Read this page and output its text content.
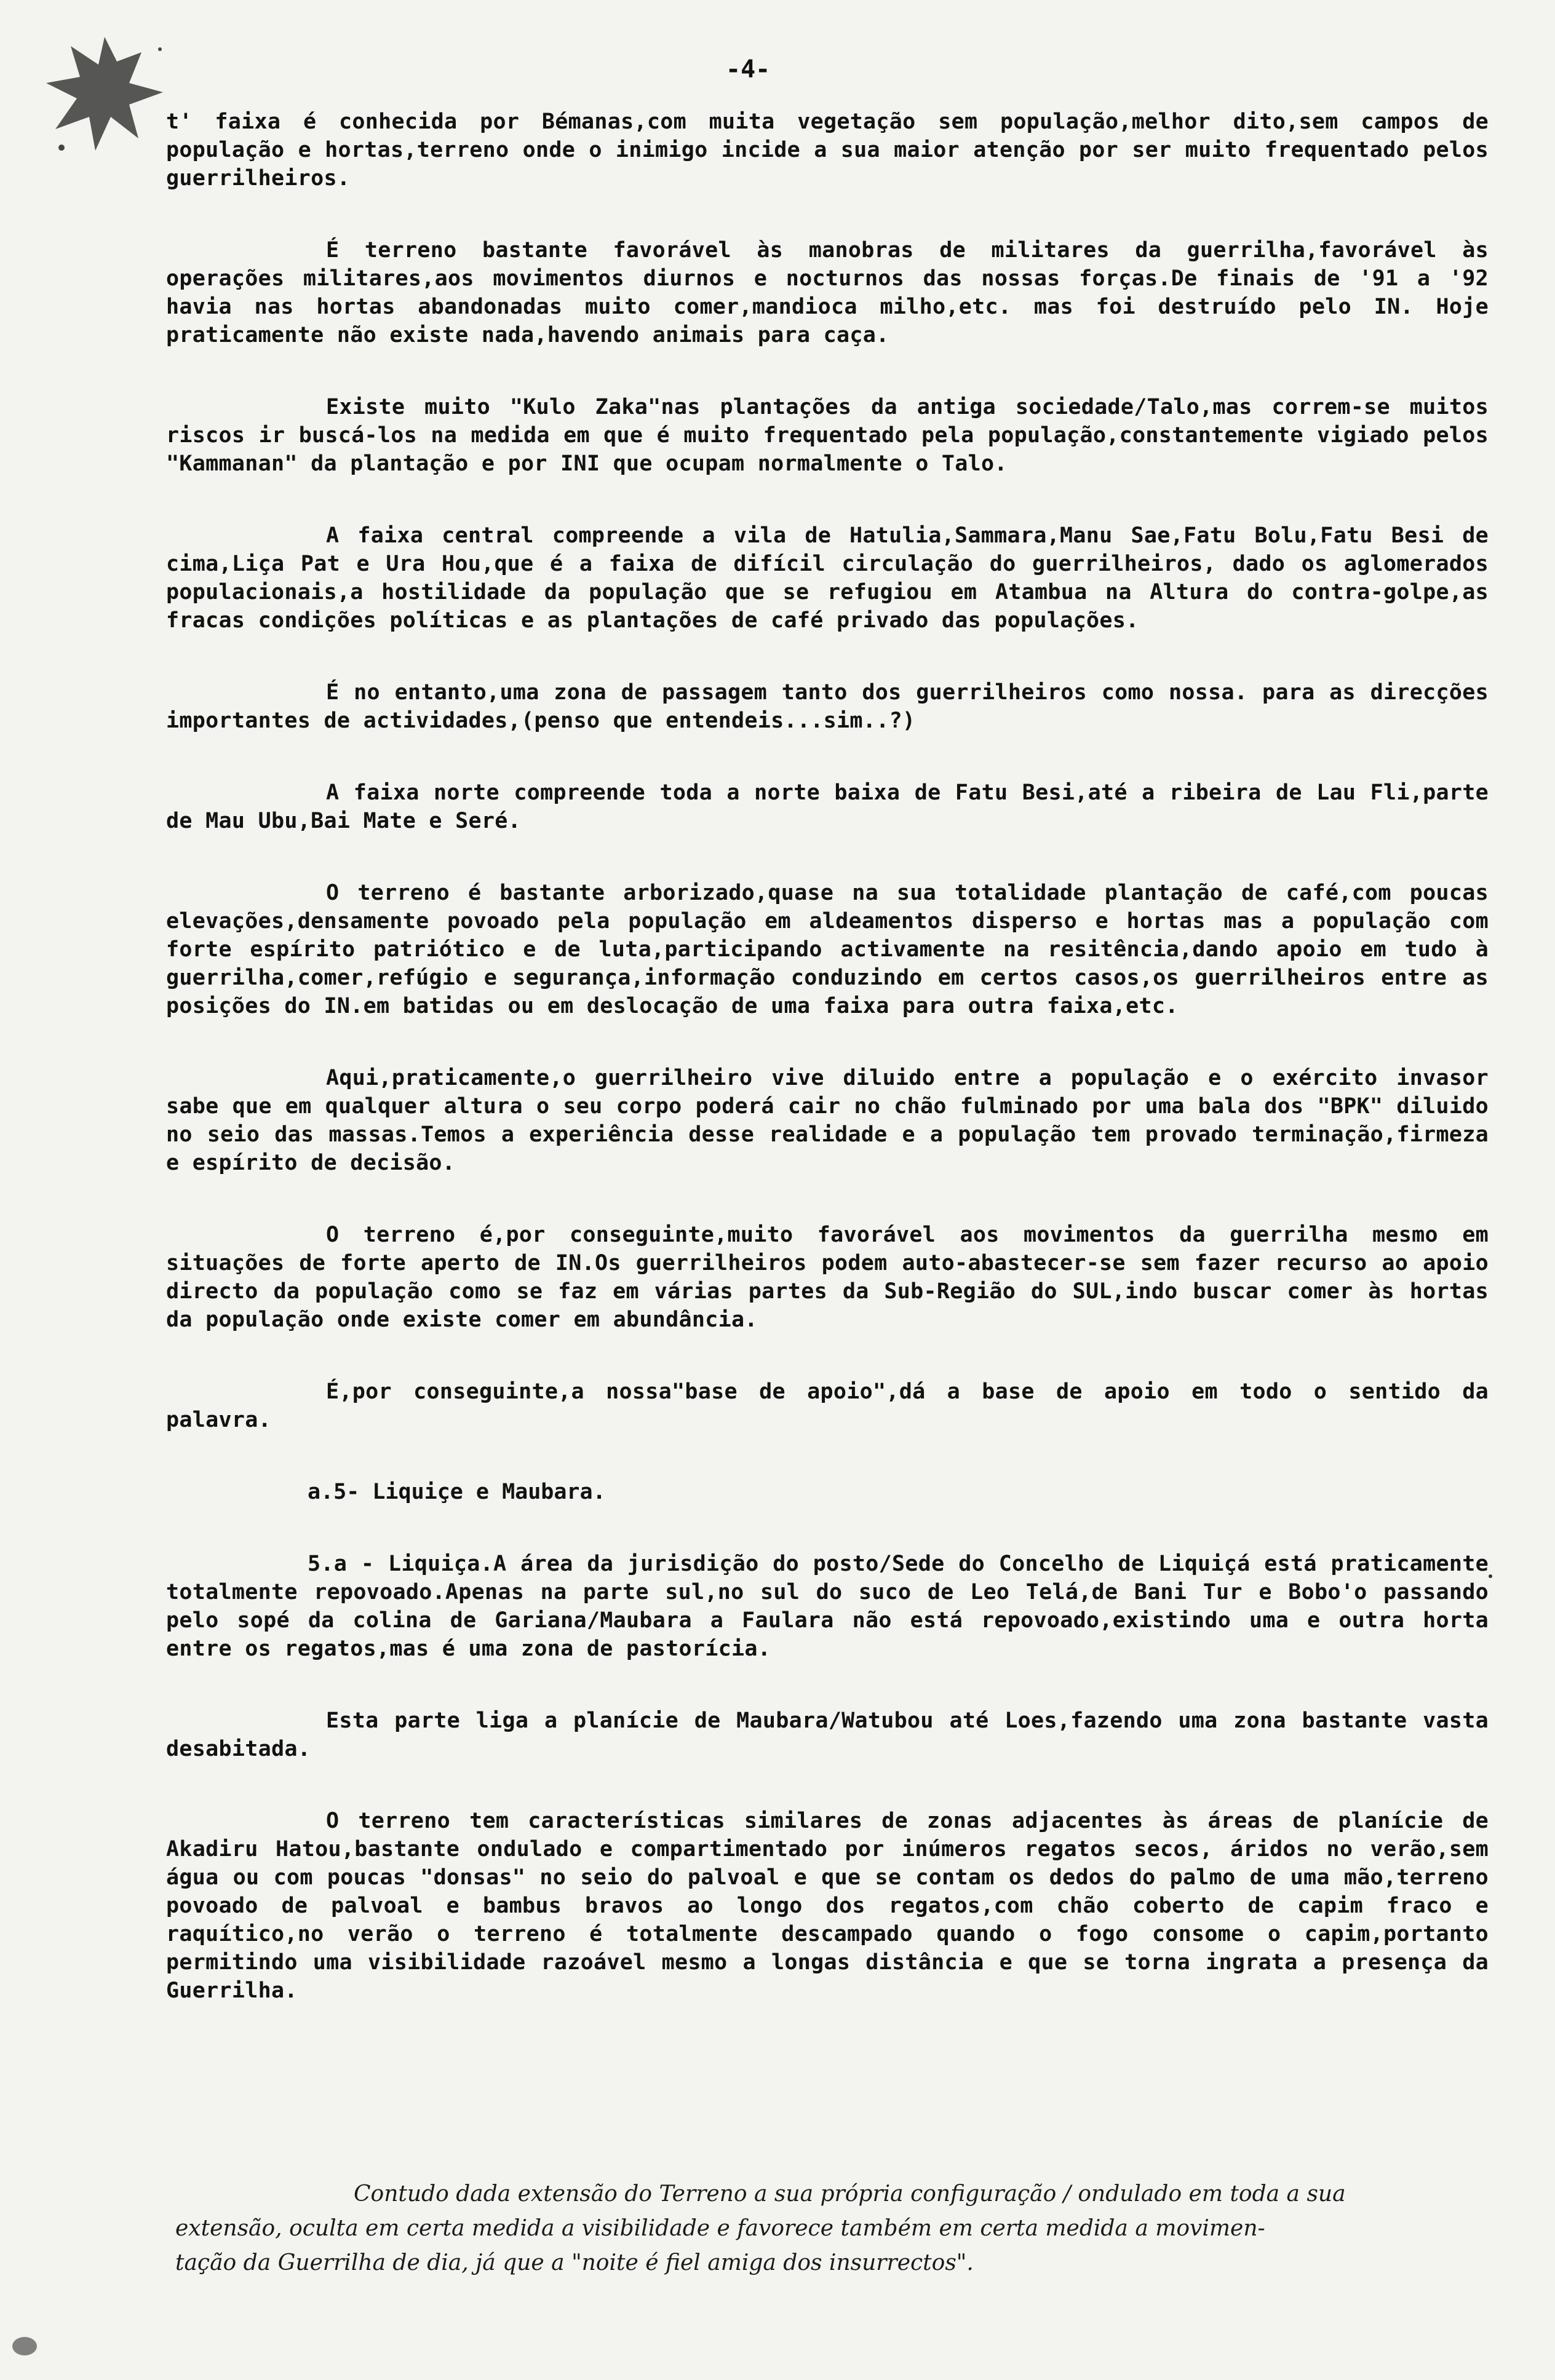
-4-

t' faixa é conhecida por Bémanas,com muita vegetação sem população,melhor dito,sem campos de população e hortas,terreno onde o inimigo incide a sua maior atenção por ser muito frequentado pelos guerrilheiros.

É terreno bastante favorável às manobras de militares da guerrilha,favorável às operações militares,aos movimentos diurnos e nocturnos das nossas forças.De finais de '91 a '92 havia nas hortas abandonadas muito comer,mandioca milho,etc. mas foi destruído pelo IN. Hoje praticamente não existe nada,havendo animais para caça.

Existe muito "Kulo Zaka"nas plantações da antiga sociedade/Talo,mas correm-se muitos riscos ir buscá-los na medida em que é muito frequentado pela população,constantemente vigiado pelos "Kammanan" da plantação e por INI que ocupam normalmente o Talo.

A faixa central compreende a vila de Hatulia,Sammara,Manu Sae,Fatu Bolu,Fatu Besi de cima,Liça Pat e Ura Hou,que é a faixa de difícil circulação do guerrilheiros, dado os aglomerados populacionais,a hostilidade da população que se refugiou em Atambua na Altura do contra-golpe,as fracas condições políticas e as plantações de café privado das populações.

É no entanto,uma zona de passagem tanto dos guerrilheiros como nossa. para as direcções importantes de actividades,(penso que entendeis...sim..?)

A faixa norte compreende toda a norte baixa de Fatu Besi,até a ribeira de Lau Fli,parte de Mau Ubu,Bai Mate e Seré.

O terreno é bastante arborizado,quase na sua totalidade plantação de café,com poucas elevações,densamente povoado pela população em aldeamentos disperso e hortas mas a população com forte espírito patriótico e de luta,participando activamente na resitência,dando apoio em tudo à guerrilha,comer,refúgio e segurança,informação conduzindo em certos casos,os guerrilheiros entre as posições do IN.em batidas ou em deslocação de uma faixa para outra faixa,etc.

Aqui,praticamente,o guerrilheiro vive diluido entre a população e o exército invasor sabe que em qualquer altura o seu corpo poderá cair no chão fulminado por uma bala dos "BPK" diluido no seio das massas.Temos a experiência desse realidade e a população tem provado terminação,firmeza e espírito de decisão.

O terreno é,por conseguinte,muito favorável aos movimentos da guerrilha mesmo em situações de forte aperto de IN.Os guerrilheiros podem auto-abastecer-se sem fazer recurso ao apoio directo da população como se faz em várias partes da Sub-Região do SUL,indo buscar comer às hortas da população onde existe comer em abundância.

É,por conseguinte,a nossa"base de apoio",dá a base de apoio em todo o sentido da palavra.

a.5- Liquiçe e Maubara.

5.a - Liquiça.A área da jurisdição do posto/Sede do Concelho de Liquiçá está praticamente totalmente repovoado.Apenas na parte sul,no sul do suco de Leo Telá,de Bani Tur e Bobo'o passando pelo sopé da colina de Gariana/Maubara a Faulara não está repovoado,existindo uma e outra horta entre os regatos,mas é uma zona de pastorícia.

Esta parte liga a planície de Maubara/Watubou até Loes,fazendo uma zona bastante vasta desabitada.

O terreno tem características similares de zonas adjacentes às áreas de planície de Akadiru Hatou,bastante ondulado e compartimentado por inúmeros regatos secos, áridos no verão,sem água ou com poucas "donsas" no seio do palvoal e que se contam os dedos do palmo de uma mão,terreno povoado de palvoal e bambus bravos ao longo dos regatos,com chão coberto de capim fraco e raquítico,no verão o terreno é totalmente descampado quando o fogo consome o capim,portanto permitindo uma visibilidade razoável mesmo a longas distância e que se torna ingrata a presença da Guerrilha.

Contudo dada extensão do Terreno a sua própria configuração / ondulado em toda a sua
extensão, oculta em certa medida a visibilidade e favorece também em certa medida a movimen-
tação da Guerrilha de dia, já que a "noite é fiel amiga dos insurrectos".
